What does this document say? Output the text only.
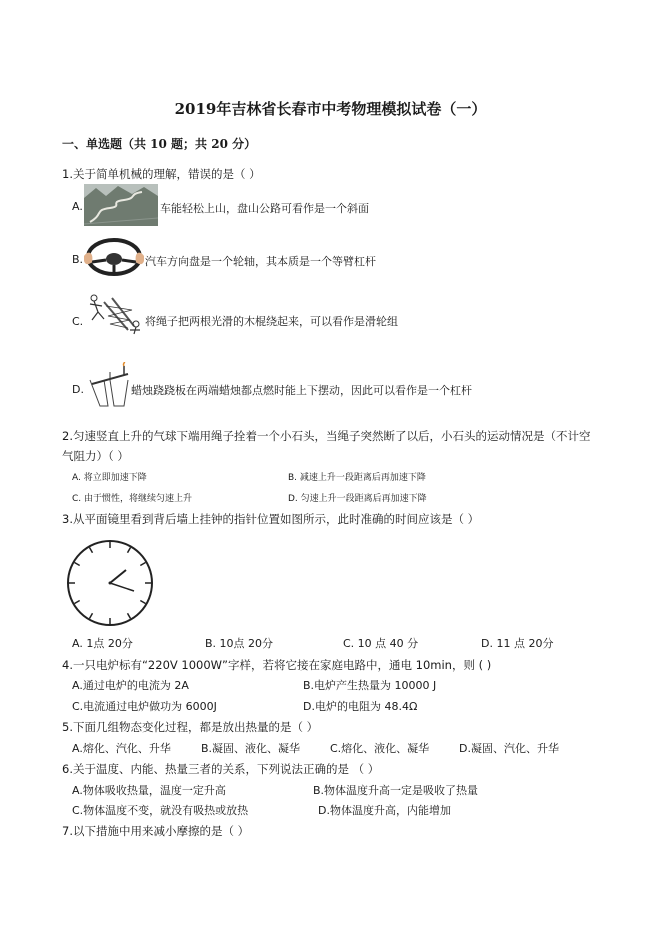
2019年吉林省长春市中考物理模拟试卷（一）
一、单选题（共 10 题；共 20 分）
1.关于简单机械的理解，错误的是（ ）
A.	车能轻松上山，盘山公路可看作是一个斜面
B.	汽车方向盘是一个轮轴，其本质是一个等臂杠杆
C.	将绳子把两根光滑的木棍绕起来，可以看作是滑轮组
D.	蜡烛跷跷板在两端蜡烛都点燃时能上下摆动，因此可以看作是一个杠杆
2.匀速竖直上升的气球下端用绳子拴着一个小石头，当绳子突然断了以后，小石头的运动情况是（不计空
气阻力）（ ）
A. 将立即加速下降	B. 减速上升一段距离后再加速下降
C. 由于惯性，将继续匀速上升	D. 匀速上升一段距离后再加速下降
3.从平面镜里看到背后墙上挂钟的指针位置如图所示，此时准确的时间应该是（ ）
A. 1点 20分	B. 10点 20分	C. 10 点 40 分	D. 11 点 20分
4.一只电炉标有“220V 1000W”字样，若将它接在家庭电路中，通电 10min，则 ( )
A.通过电炉的电流为 2A	B.电炉产生热量为 10000 J
C.电流通过电炉做功为 6000J	D.电炉的电阻为 48.4Ω
5.下面几组物态变化过程，都是放出热量的是（ ）
A.熔化、汽化、升华	B.凝固、液化、凝华	C.熔化、液化、凝华	D.凝固、汽化、升华
6.关于温度、内能、热量三者的关系，下列说法正确的是 （ ）
A.物体吸收热量，温度一定升高	B.物体温度升高一定是吸收了热量
C.物体温度不变，就没有吸热或放热	D.物体温度升高，内能增加
7.以下措施中用来减小摩擦的是（ ）
